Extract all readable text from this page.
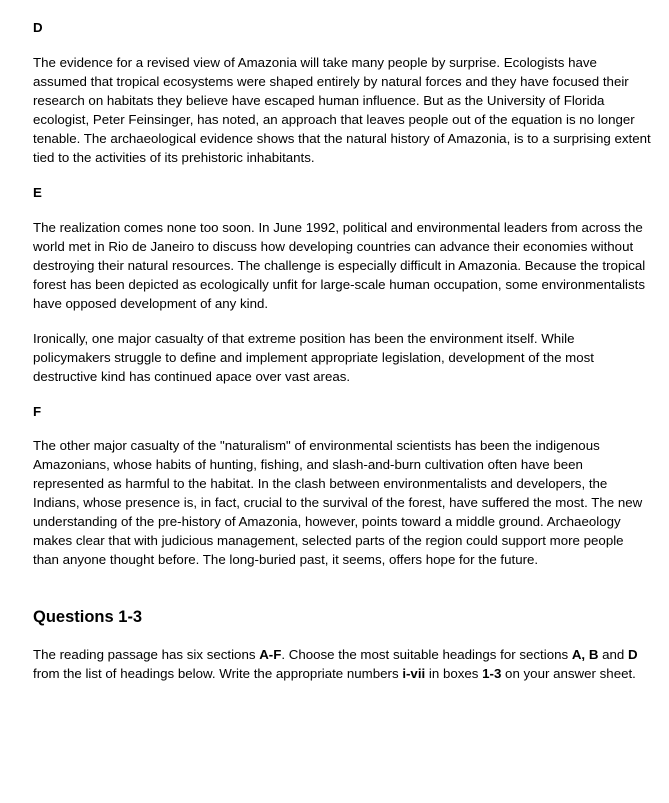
D

The evidence for a revised view of Amazonia will take many people by surprise. Ecologists have assumed that tropical ecosystems were shaped entirely by natural forces and they have focused their research on habitats they believe have escaped human influence. But as the University of Florida ecologist, Peter Feinsinger, has noted, an approach that leaves people out of the equation is no longer tenable. The archaeological evidence shows that the natural history of Amazonia, is to a surprising extent tied to the activities of its prehistoric inhabitants.

E

The realization comes none too soon. In June 1992, political and environmental leaders from across the world met in Rio de Janeiro to discuss how developing countries can advance their economies without destroying their natural resources. The challenge is especially difficult in Amazonia. Because the tropical forest has been depicted as ecologically unfit for large-scale human occupation, some environmentalists have opposed development of any kind.

Ironically, one major casualty of that extreme position has been the environment itself. While policymakers struggle to define and implement appropriate legislation, development of the most destructive kind has continued apace over vast areas.

F

The other major casualty of the "naturalism" of environmental scientists has been the indigenous Amazonians, whose habits of hunting, fishing, and slash-and-burn cultivation often have been represented as harmful to the habitat. In the clash between environmentalists and developers, the Indians, whose presence is, in fact, crucial to the survival of the forest, have suffered the most. The new understanding of the pre-history of Amazonia, however, points toward a middle ground. Archaeology makes clear that with judicious management, selected parts of the region could support more people than anyone thought before. The long-buried past, it seems, offers hope for the future.

Questions 1-3

The reading passage has six sections A-F. Choose the most suitable headings for sections A, B and D from the list of headings below. Write the appropriate numbers i-vii in boxes 1-3 on your answer sheet.
